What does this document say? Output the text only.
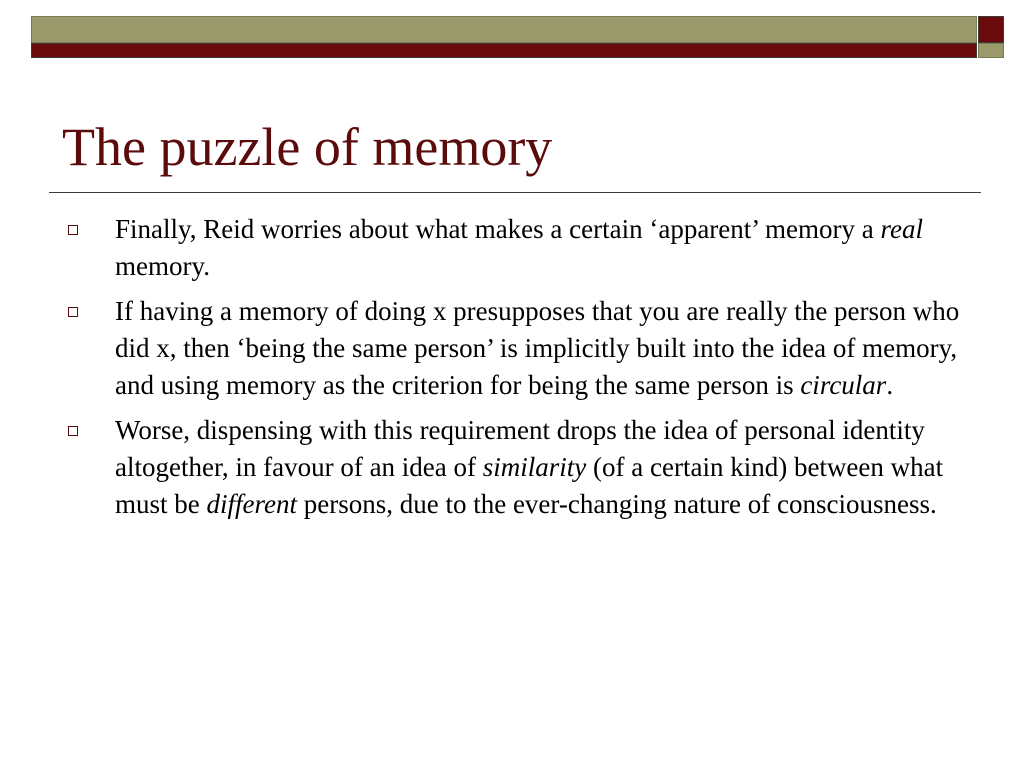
The puzzle of memory
Finally, Reid worries about what makes a certain ‘apparent’ memory a real memory.
If having a memory of doing x presupposes that you are really the person who did x, then ‘being the same person’ is implicitly built into the idea of memory, and using memory as the criterion for being the same person is circular.
Worse, dispensing with this requirement drops the idea of personal identity altogether, in favour of an idea of similarity (of a certain kind) between what must be different persons, due to the ever-changing nature of consciousness.
